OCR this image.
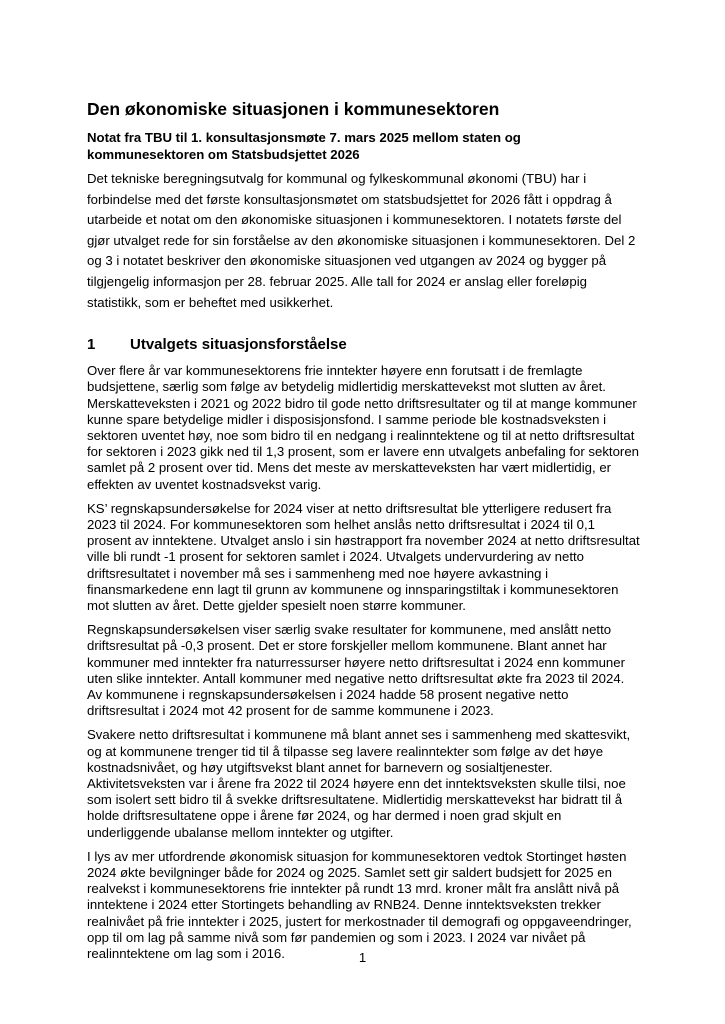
Den økonomiske situasjonen i kommunesektoren
Notat fra TBU til 1. konsultasjonsmøte 7. mars 2025 mellom staten og kommunesektoren om Statsbudsjettet 2026
Det tekniske beregningsutvalg for kommunal og fylkeskommunal økonomi (TBU) har i forbindelse med det første konsultasjonsmøtet om statsbudsjettet for 2026 fått i oppdrag å utarbeide et notat om den økonomiske situasjonen i kommunesektoren. I notatets første del gjør utvalget rede for sin forståelse av den økonomiske situasjonen i kommunesektoren. Del 2 og 3 i notatet beskriver den økonomiske situasjonen ved utgangen av 2024 og bygger på tilgjengelig informasjon per 28. februar 2025. Alle tall for 2024 er anslag eller foreløpig statistikk, som er beheftet med usikkerhet.
1 Utvalgets situasjonsforståelse
Over flere år var kommunesektorens frie inntekter høyere enn forutsatt i de fremlagte budsjettene, særlig som følge av betydelig midlertidig merskattevekst mot slutten av året. Merskatteveksten i 2021 og 2022 bidro til gode netto driftsresultater og til at mange kommuner kunne spare betydelige midler i disposisjonsfond. I samme periode ble kostnadsveksten i sektoren uventet høy, noe som bidro til en nedgang i realinntektene og til at netto driftsresultat for sektoren i 2023 gikk ned til 1,3 prosent, som er lavere enn utvalgets anbefaling for sektoren samlet på 2 prosent over tid. Mens det meste av merskatteveksten har vært midlertidig, er effekten av uventet kostnadsvekst varig.
KS’ regnskapsundersøkelse for 2024 viser at netto driftsresultat ble ytterligere redusert fra 2023 til 2024. For kommunesektoren som helhet anslås netto driftsresultat i 2024 til 0,1 prosent av inntektene. Utvalget anslo i sin høstrapport fra november 2024 at netto driftsresultat ville bli rundt -1 prosent for sektoren samlet i 2024. Utvalgets undervurdering av netto driftsresultatet i november må ses i sammenheng med noe høyere avkastning i finansmarkedene enn lagt til grunn av kommunene og innsparingstiltak i kommunesektoren mot slutten av året. Dette gjelder spesielt noen større kommuner.
Regnskapsundersøkelsen viser særlig svake resultater for kommunene, med anslått netto driftsresultat på -0,3 prosent. Det er store forskjeller mellom kommunene. Blant annet har kommuner med inntekter fra naturressurser høyere netto driftsresultat i 2024 enn kommuner uten slike inntekter. Antall kommuner med negative netto driftsresultat økte fra 2023 til 2024. Av kommunene i regnskapsundersøkelsen i 2024 hadde 58 prosent negative netto driftsresultat i 2024 mot 42 prosent for de samme kommunene i 2023.
Svakere netto driftsresultat i kommunene må blant annet ses i sammenheng med skattesvikt, og at kommunene trenger tid til å tilpasse seg lavere realinntekter som følge av det høye kostnadsnivået, og høy utgiftsvekst blant annet for barnevern og sosialtjenester. Aktivitetsveksten var i årene fra 2022 til 2024 høyere enn det inntektsveksten skulle tilsi, noe som isolert sett bidro til å svekke driftsresultatene. Midlertidig merskattevekst har bidratt til å holde driftsresultatene oppe i årene før 2024, og har dermed i noen grad skjult en underliggende ubalanse mellom inntekter og utgifter.
I lys av mer utfordrende økonomisk situasjon for kommunesektoren vedtok Stortinget høsten 2024 økte bevilgninger både for 2024 og 2025. Samlet sett gir saldert budsjett for 2025 en realvekst i kommunesektorens frie inntekter på rundt 13 mrd. kroner målt fra anslått nivå på inntektene i 2024 etter Stortingets behandling av RNB24. Denne inntektsveksten trekker realnivået på frie inntekter i 2025, justert for merkostnader til demografi og oppgaveendringer, opp til om lag på samme nivå som før pandemien og som i 2023. I 2024 var nivået på realinntektene om lag som i 2016.	1
